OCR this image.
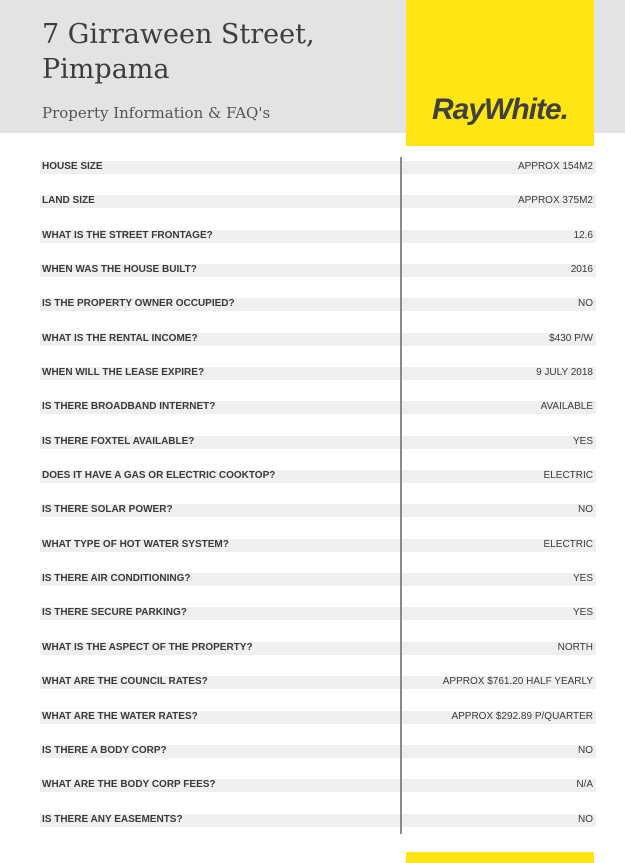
7 Girraween Street, Pimpama
Property Information & FAQ's	RayWhite.
HOUSE SIZE	APPROX 154M2
LAND SIZE	APPROX 375M2
WHAT IS THE STREET FRONTAGE?	12.6
WHEN WAS THE HOUSE BUILT?	2016
IS THE PROPERTY OWNER OCCUPIED?	NO
WHAT IS THE RENTAL INCOME?	$430 P/W
WHEN WILL THE LEASE EXPIRE?	9 JULY 2018
IS THERE BROADBAND INTERNET?	AVAILABLE
IS THERE FOXTEL AVAILABLE?	YES
DOES IT HAVE A GAS OR ELECTRIC COOKTOP?	ELECTRIC
IS THERE SOLAR POWER?	NO
WHAT TYPE OF HOT WATER SYSTEM?	ELECTRIC
IS THERE AIR CONDITIONING?	YES
IS THERE SECURE PARKING?	YES
WHAT IS THE ASPECT OF THE PROPERTY?	NORTH
WHAT ARE THE COUNCIL RATES?	APPROX $761.20 HALF YEARLY
WHAT ARE THE WATER RATES?	APPROX $292.89 P/QUARTER
IS THERE A BODY CORP?	NO
WHAT ARE THE BODY CORP FEES?	N/A
IS THERE ANY EASEMENTS?	NO
